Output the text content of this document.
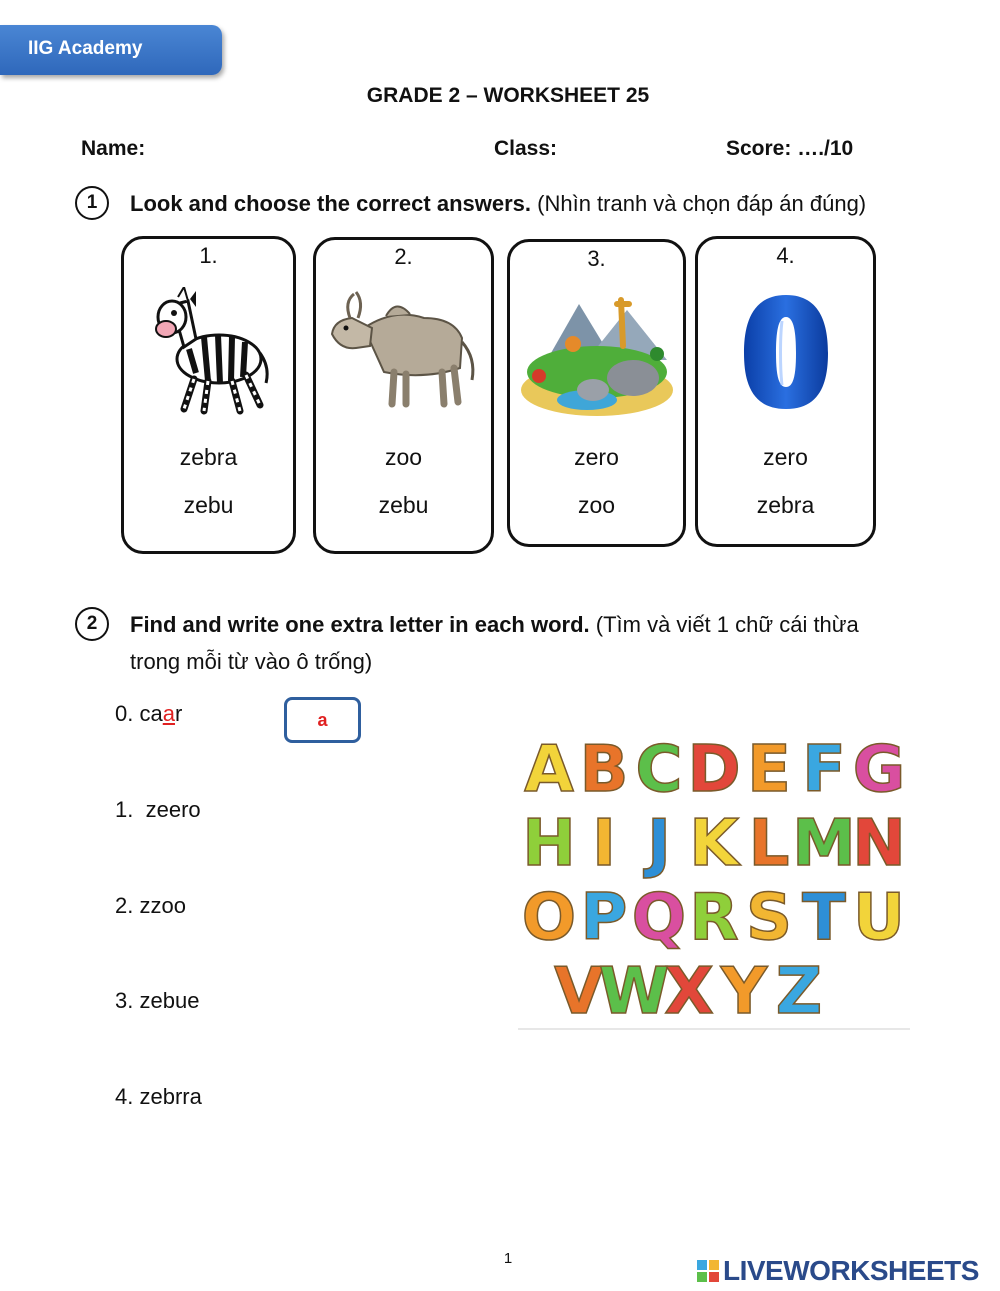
IIG Academy
GRADE 2 – WORKSHEET 25
Name:	Class:	Score: …./10
1	Look and choose the correct answers. (Nhìn tranh và chọn đáp án đúng)
1.
zebra
zebu
2.
zoo
zebu
3.
zero
zoo
4.
zero
zebra
2	Find and write one extra letter in each word. (Tìm và viết 1 chữ cái thừa
trong mỗi từ vào ô trống)
0. caar	a
1. zeero
2. zzoo
3. zebue
4. zebrra
A B C D E F G
H I J K L M
N
O P Q R S T U
V
W
X Y Z
1	LIVEWORKSHEETS
